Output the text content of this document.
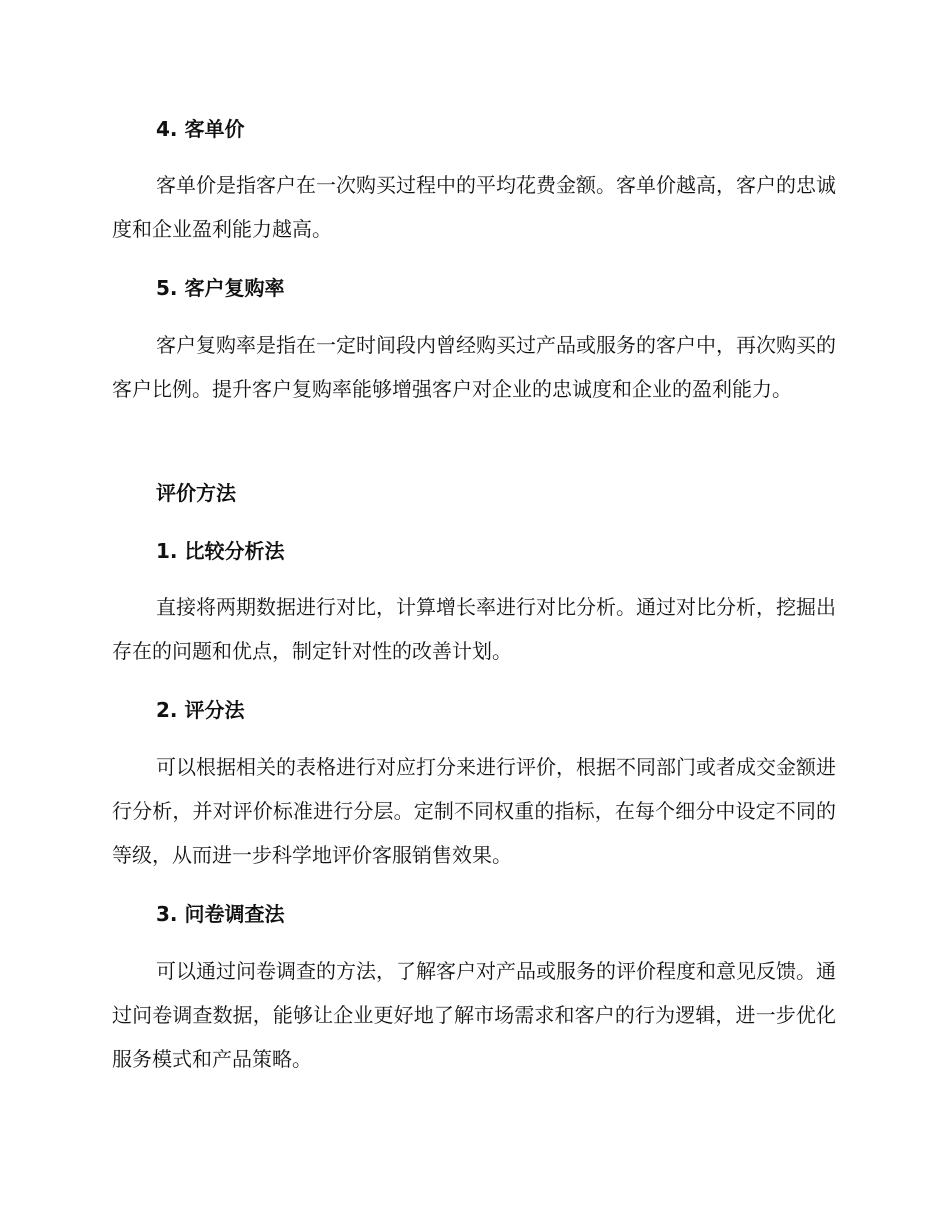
4. 客单价

客单价是指客户在一次购买过程中的平均花费金额。客单价越高，客户的忠诚度和企业盈利能力越高。

5. 客户复购率

客户复购率是指在一定时间段内曾经购买过产品或服务的客户中，再次购买的客户比例。提升客户复购率能够增强客户对企业的忠诚度和企业的盈利能力。

评价方法
1. 比较分析法

直接将两期数据进行对比，计算增长率进行对比分析。通过对比分析，挖掘出存在的问题和优点，制定针对性的改善计划。

2. 评分法

可以根据相关的表格进行对应打分来进行评价，根据不同部门或者成交金额进行分析，并对评价标准进行分层。定制不同权重的指标，在每个细分中设定不同的等级，从而进一步科学地评价客服销售效果。

3. 问卷调查法

可以通过问卷调查的方法，了解客户对产品或服务的评价程度和意见反馈。通过问卷调查数据，能够让企业更好地了解市场需求和客户的行为逻辑，进一步优化服务模式和产品策略。
